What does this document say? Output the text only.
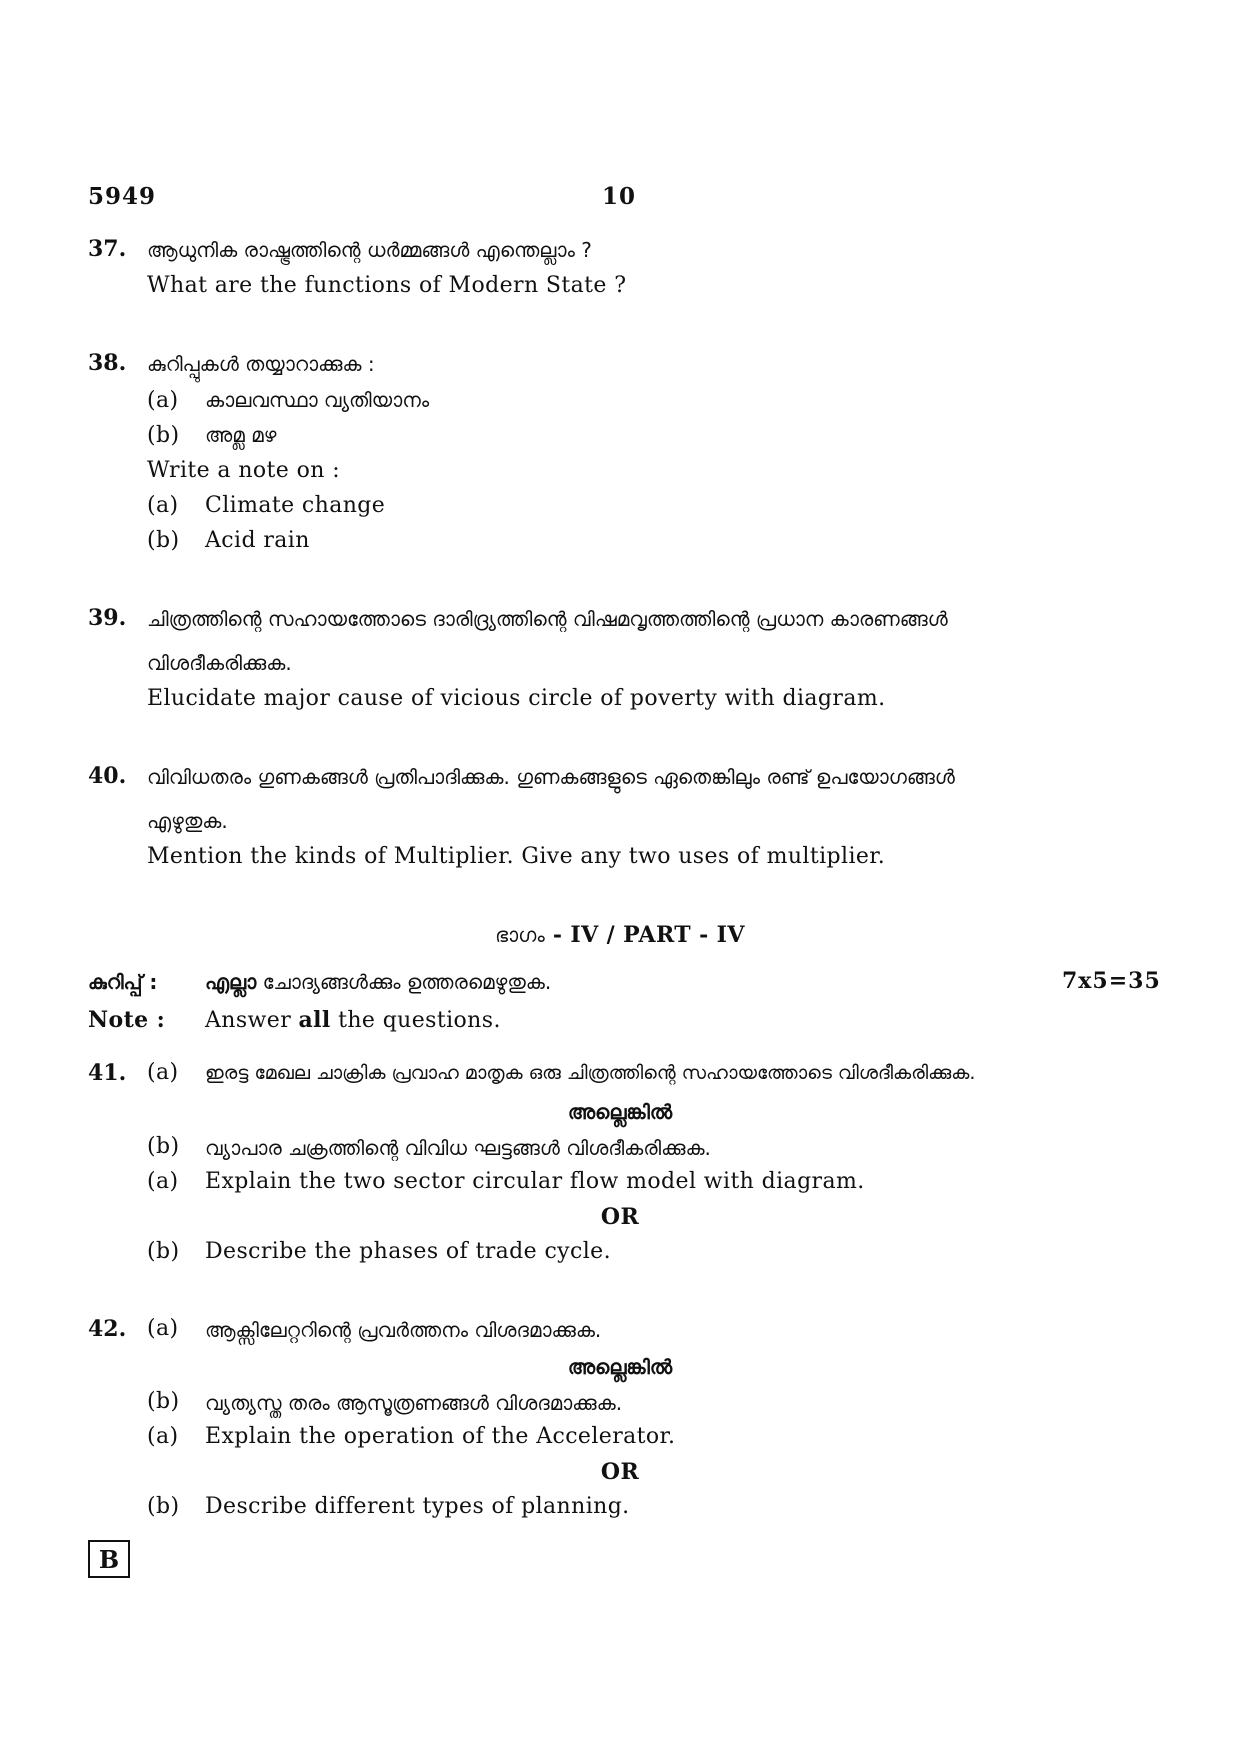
5949	10
37. ആധുനിക രാഷ്ട്രത്തിന്റെ ധർമ്മങ്ങൾ എന്തെല്ലാം ?
What are the functions of Modern State ?
38. കുറിപ്പുകൾ തയ്യാറാക്കുക :
(a) കാലവസ്ഥാ വ്യതിയാനം
(b) അമ്ല മഴ
Write a note on :
(a) Climate change
(b) Acid rain
39. ചിത്രത്തിന്റെ സഹായത്തോടെ ദാരിദ്ര്യത്തിന്റെ വിഷമവൃത്തത്തിന്റെ പ്രധാന കാരണങ്ങൾ
വിശദീകരിക്കുക.
Elucidate major cause of vicious circle of poverty with diagram.
40. വിവിധതരം ഗുണകങ്ങൾ പ്രതിപാദിക്കുക. ഗുണകങ്ങളുടെ ഏതെങ്കിലും രണ്ട് ഉപയോഗങ്ങൾ
എഴുതുക.
Mention the kinds of Multiplier. Give any two uses of multiplier.
ഭാഗം - IV / PART - IV
കുറിപ്പ് : എല്ലാ ചോദ്യങ്ങൾക്കും ഉത്തരമെഴുതുക.	7x5=35
Note : Answer all the questions.
41. (a) ഇരട്ട മേഖല ചാക്രിക പ്രവാഹ മാതൃക ഒരു ചിത്രത്തിന്റെ സഹായത്തോടെ വിശദീകരിക്കുക.
അല്ലെങ്കിൽ
(b) വ്യാപാര ചക്രത്തിന്റെ വിവിധ ഘട്ടങ്ങൾ വിശദീകരിക്കുക.
(a) Explain the two sector circular flow model with diagram.
OR
(b) Describe the phases of trade cycle.
42. (a) ആക്സിലേറ്ററിന്റെ പ്രവർത്തനം വിശദമാക്കുക.
അല്ലെങ്കിൽ
(b) വ്യത്യസ്ത തരം ആസൂത്രണങ്ങൾ വിശദമാക്കുക.
(a) Explain the operation of the Accelerator.
OR
(b) Describe different types of planning.
B
